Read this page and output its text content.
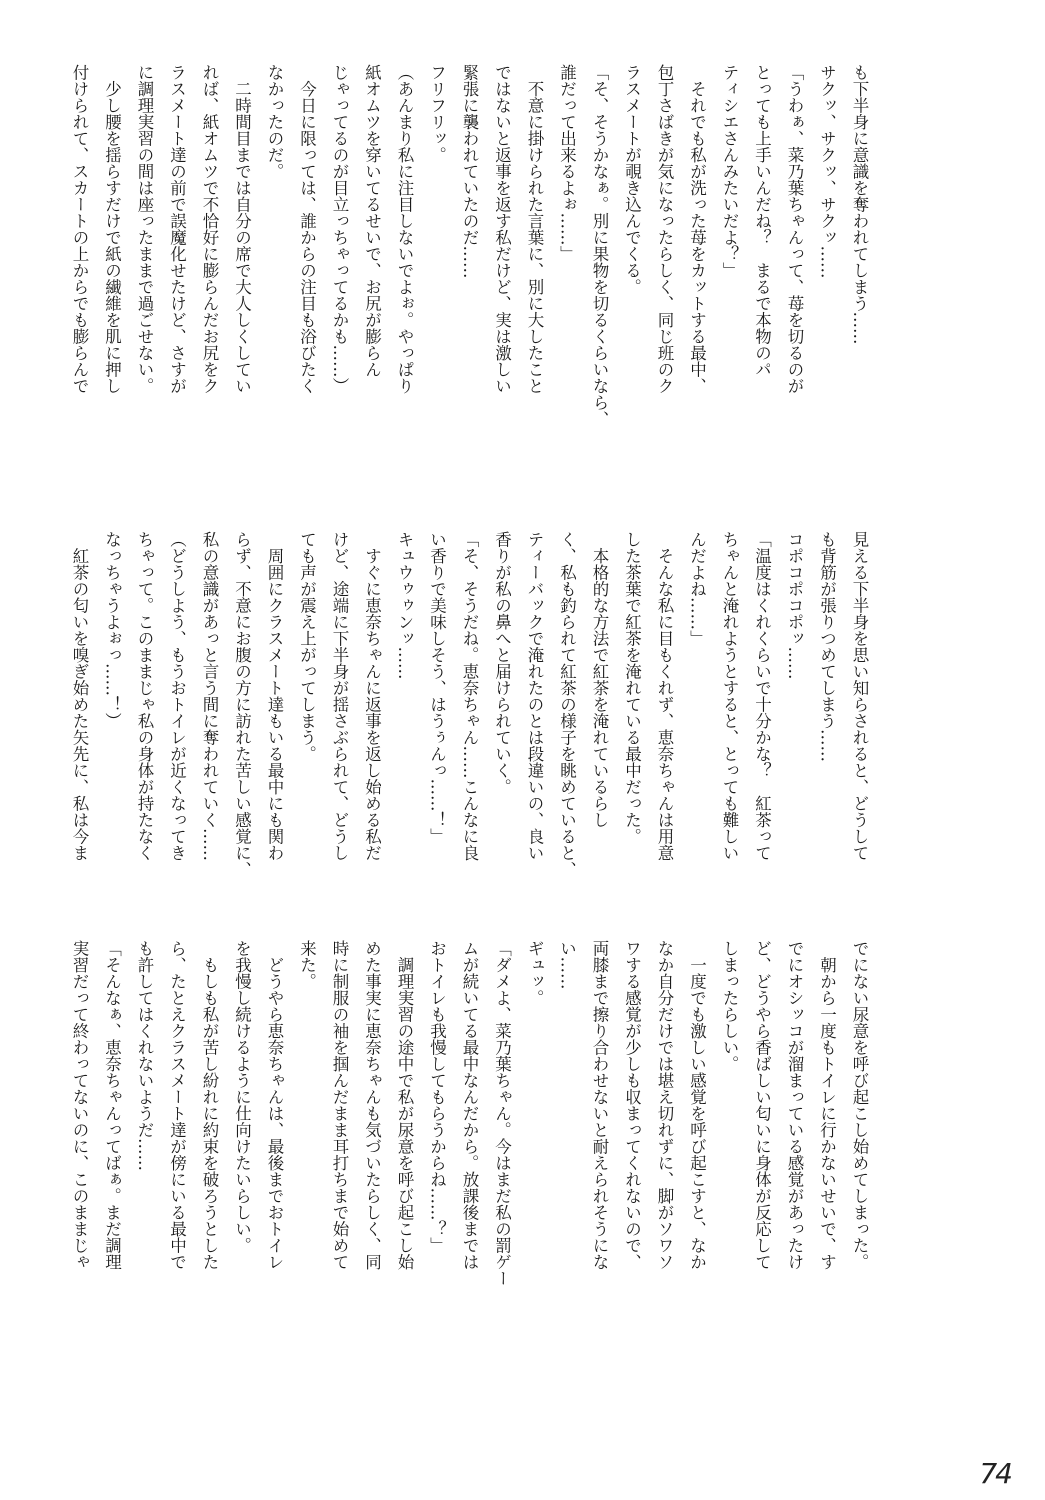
も下半身に意識を奪われてしまう……

サクッ、サクッ、サクッ……

「うわぁ、菜乃葉ちゃんって、苺を切るのが

とっても上手いんだね？　まるで本物のパ

ティシエさんみたいだよ？」

　それでも私が洗った苺をカットする最中、

包丁さばきが気になったらしく、同じ班のク

ラスメートが覗き込んでくる。

「そ、そうかなぁ。別に果物を切るくらいなら、

誰だって出来るよぉ……」

　不意に掛けられた言葉に、別に大したこと

ではないと返事を返す私だけど、実は激しい

緊張に襲われていたのだ……

フリフリッ。

（あんまり私に注目しないでよぉ。やっぱり

紙オムツを穿いてるせいで、お尻が膨らん

じゃってるのが目立っちゃってるかも……）

　今日に限っては、誰からの注目も浴びたく

なかったのだ。

　二時間目までは自分の席で大人しくしてい

れば、紙オムツで不恰好に膨らんだお尻をク

ラスメート達の前で誤魔化せたけど、さすが

に調理実習の間は座ったままで過ごせない。

　少し腰を揺らすだけで紙の繊維を肌に押し

付けられて、スカートの上からでも膨らんで

見える下半身を思い知らされると、どうして

も背筋が張りつめてしまう……

コポコポコポッ……

「温度はくれくらいで十分かな？　紅茶って

ちゃんと淹れようとすると、とっても難しい

んだよね……」

　そんな私に目もくれず、恵奈ちゃんは用意

した茶葉で紅茶を淹れている最中だった。

　本格的な方法で紅茶を淹れているらし

く、私も釣られて紅茶の様子を眺めていると、

ティーバックで淹れたのとは段違いの、良い

香りが私の鼻へと届けられていく。

「そ、そうだね。恵奈ちゃん……こんなに良

い香りで美味しそう、はうぅんっ……！」

キュウゥゥンッ……

　すぐに恵奈ちゃんに返事を返し始める私だ

けど、途端に下半身が揺さぶられて、どうし

ても声が震え上がってしまう。

　周囲にクラスメート達もいる最中にも関わ

らず、不意にお腹の方に訪れた苦しい感覚に、

私の意識があっと言う間に奪われていく……

（どうしよう、もうおトイレが近くなってき

ちゃって。このままじゃ私の身体が持たなく

なっちゃうよぉっ……！）

　紅茶の匂いを嗅ぎ始めた矢先に、私は今ま

でにない尿意を呼び起こし始めてしまった。

　朝から一度もトイレに行かないせいで、す

でにオシッコが溜まっている感覚があったけ

ど、どうやら香ばしい匂いに身体が反応して

しまったらしい。

　一度でも激しい感覚を呼び起こすと、なか

なか自分だけでは堪え切れずに、脚がソワソ

ワする感覚が少しも収まってくれないので、

両膝まで擦り合わせないと耐えられそうにな

い……

ギュッ。

「ダメよ、菜乃葉ちゃん。今はまだ私の罰ゲー

ムが続いてる最中なんだから。放課後までは

おトイレも我慢してもらうからね……？」

　調理実習の途中で私が尿意を呼び起こし始

めた事実に恵奈ちゃんも気づいたらしく、同

時に制服の袖を掴んだまま耳打ちまで始めて

来た。

　どうやら恵奈ちゃんは、最後までおトイレ

を我慢し続けるように仕向けたいらしい。

　もしも私が苦し紛れに約束を破ろうとした

ら、たとえクラスメート達が傍にいる最中で

も許してはくれないようだ……

「そんなぁ、恵奈ちゃんってばぁ。まだ調理

実習だって終わってないのに、このままじゃ

74
